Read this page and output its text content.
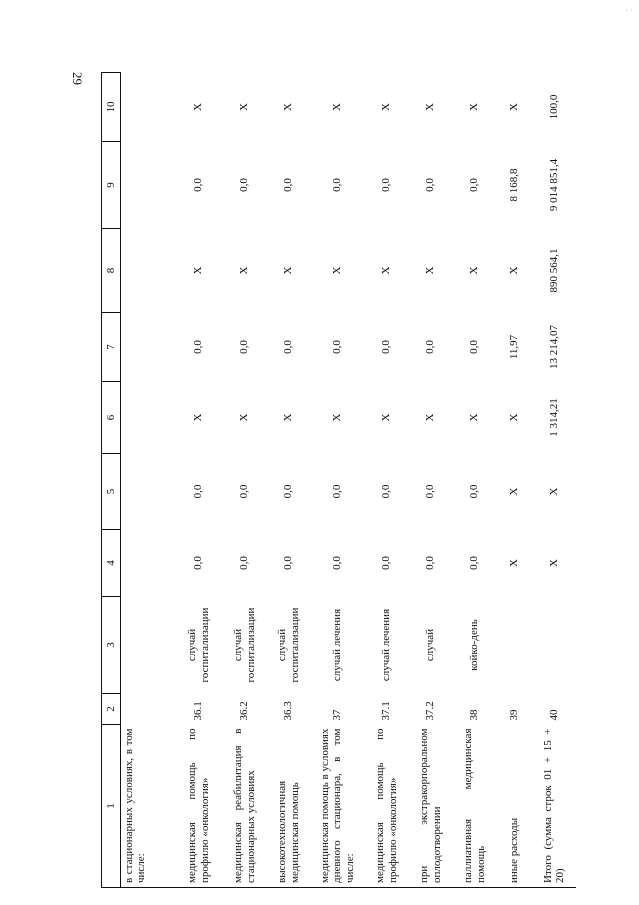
29
· ·
1	2	3	4	5	6	7	8	9	10

в стационарных условиях, в том числе:									

медицинская помощь по профилю «онкология»	36.1	случай госпитализации	0,0	0,0	Х	0,0	Х	0,0	Х

медицинская реабилитация в стационарных условиях	36.2	случай госпитализации	0,0	0,0	Х	0,0	Х	0,0	Х

высокотехнологичная медицинская помощь	36.3	случай госпитализации	0,0	0,0	Х	0,0	Х	0,0	Х

медицинская помощь в условиях дневного стационара, в том числе:	37	случай лечения	0,0	0,0	Х	0,0	Х	0,0	Х

медицинская помощь по профилю «онкология»	37.1	случай лечения	0,0	0,0	Х	0,0	Х	0,0	Х

при экстракорпоральном оплодотворении	37.2	случай	0,0	0,0	Х	0,0	Х	0,0	Х

паллиативная медицинская помощь	38	койко-день	0,0	0,0	Х	0,0	Х	0,0	Х

иные расходы	39		Х	Х	Х	11,97	Х	8 168,8	Х

Итого (сумма строк 01 + 15 + 20)	40		Х	Х	1 314,21	13 214,07	890 564,1	9 014 851,4	100,0
